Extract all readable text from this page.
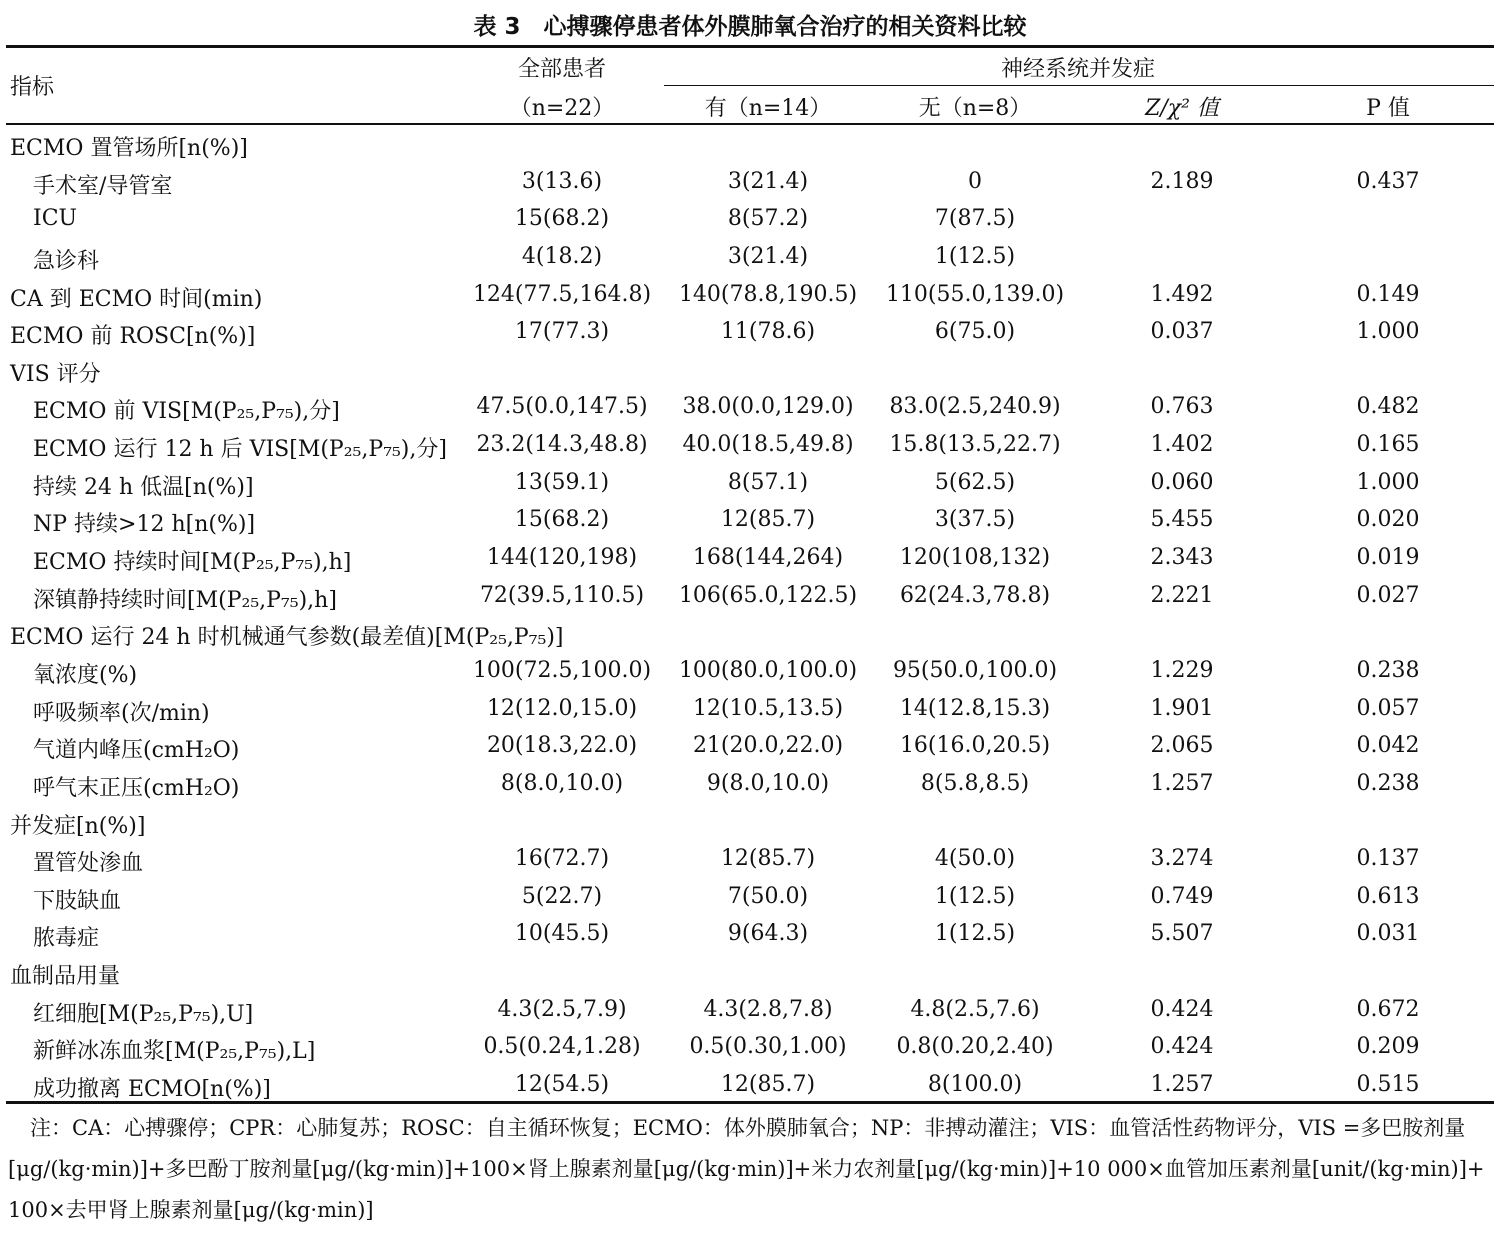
表 3　心搏骤停患者体外膜肺氧合治疗的相关资料比较
指标
全部患者
（n=22）
神经系统并发症
有（n=14）	无（n=8）	Z/χ² 值	P 值
ECMO 置管场所[n(%)]
手术室/导管室	3(13.6)	3(21.4)	0	2.189	0.437
ICU	15(68.2)	8(57.2)	7(87.5)
急诊科	4(18.2)	3(21.4)	1(12.5)
CA 到 ECMO 时间(min)	124(77.5,164.8) 140(78.8,190.5) 110(55.0,139.0)	1.492	0.149
ECMO 前 ROSC[n(%)]	17(77.3)	11(78.6)	6(75.0)	0.037	1.000
VIS 评分
ECMO 前 VIS[M(P₂₅,P₇₅),分]	47.5(0.0,147.5) 38.0(0.0,129.0) 83.0(2.5,240.9)	0.763	0.482
ECMO 运行 12 h 后 VIS[M(P₂₅,P₇₅),分] 23.2(14.3,48.8) 40.0(18.5,49.8) 15.8(13.5,22.7)	1.402	0.165
持续 24 h 低温[n(%)]	13(59.1)	8(57.1)	5(62.5)	0.060	1.000
NP 持续>12 h[n(%)]	15(68.2)	12(85.7)	3(37.5)	5.455	0.020
ECMO 持续时间[M(P₂₅,P₇₅),h]	144(120,198)	168(144,264)	120(108,132)	2.343	0.019
深镇静持续时间[M(P₂₅,P₇₅),h]	72(39.5,110.5) 106(65.0,122.5) 62(24.3,78.8)	2.221	0.027
ECMO 运行 24 h 时机械通气参数(最差值)[M(P₂₅,P₇₅)]
氧浓度(%)	100(72.5,100.0) 100(80.0,100.0) 95(50.0,100.0)	1.229	0.238
呼吸频率(次/min)	12(12.0,15.0)	12(10.5,13.5)	14(12.8,15.3)	1.901	0.057
气道内峰压(cmH₂O)	20(18.3,22.0)	21(20.0,22.0)	16(16.0,20.5)	2.065	0.042
呼气末正压(cmH₂O)	8(8.0,10.0)	9(8.0,10.0)	8(5.8,8.5)	1.257	0.238
并发症[n(%)]
置管处渗血	16(72.7)	12(85.7)	4(50.0)	3.274	0.137
下肢缺血	5(22.7)	7(50.0)	1(12.5)	0.749	0.613
脓毒症	10(45.5)	9(64.3)	1(12.5)	5.507	0.031
血制品用量
红细胞[M(P₂₅,P₇₅),U]	4.3(2.5,7.9)	4.3(2.8,7.8)	4.8(2.5,7.6)	0.424	0.672
新鲜冰冻血浆[M(P₂₅,P₇₅),L]	0.5(0.24,1.28) 0.5(0.30,1.00) 0.8(0.20,2.40)	0.424	0.209
成功撤离 ECMO[n(%)]	12(54.5)	12(85.7)	8(100.0)	1.257	0.515
注：CA：心搏骤停；CPR：心肺复苏；ROSC：自主循环恢复；ECMO：体外膜肺氧合；NP：非搏动灌注；VIS：血管活性药物评分，VIS =多巴胺剂量
[μg/(kg·min)]+多巴酚丁胺剂量[μg/(kg·min)]+100×肾上腺素剂量[μg/(kg·min)]+米力农剂量[μg/(kg·min)]+10 000×血管加压素剂量[unit/(kg·min)]+
100×去甲肾上腺素剂量[μg/(kg·min)]
